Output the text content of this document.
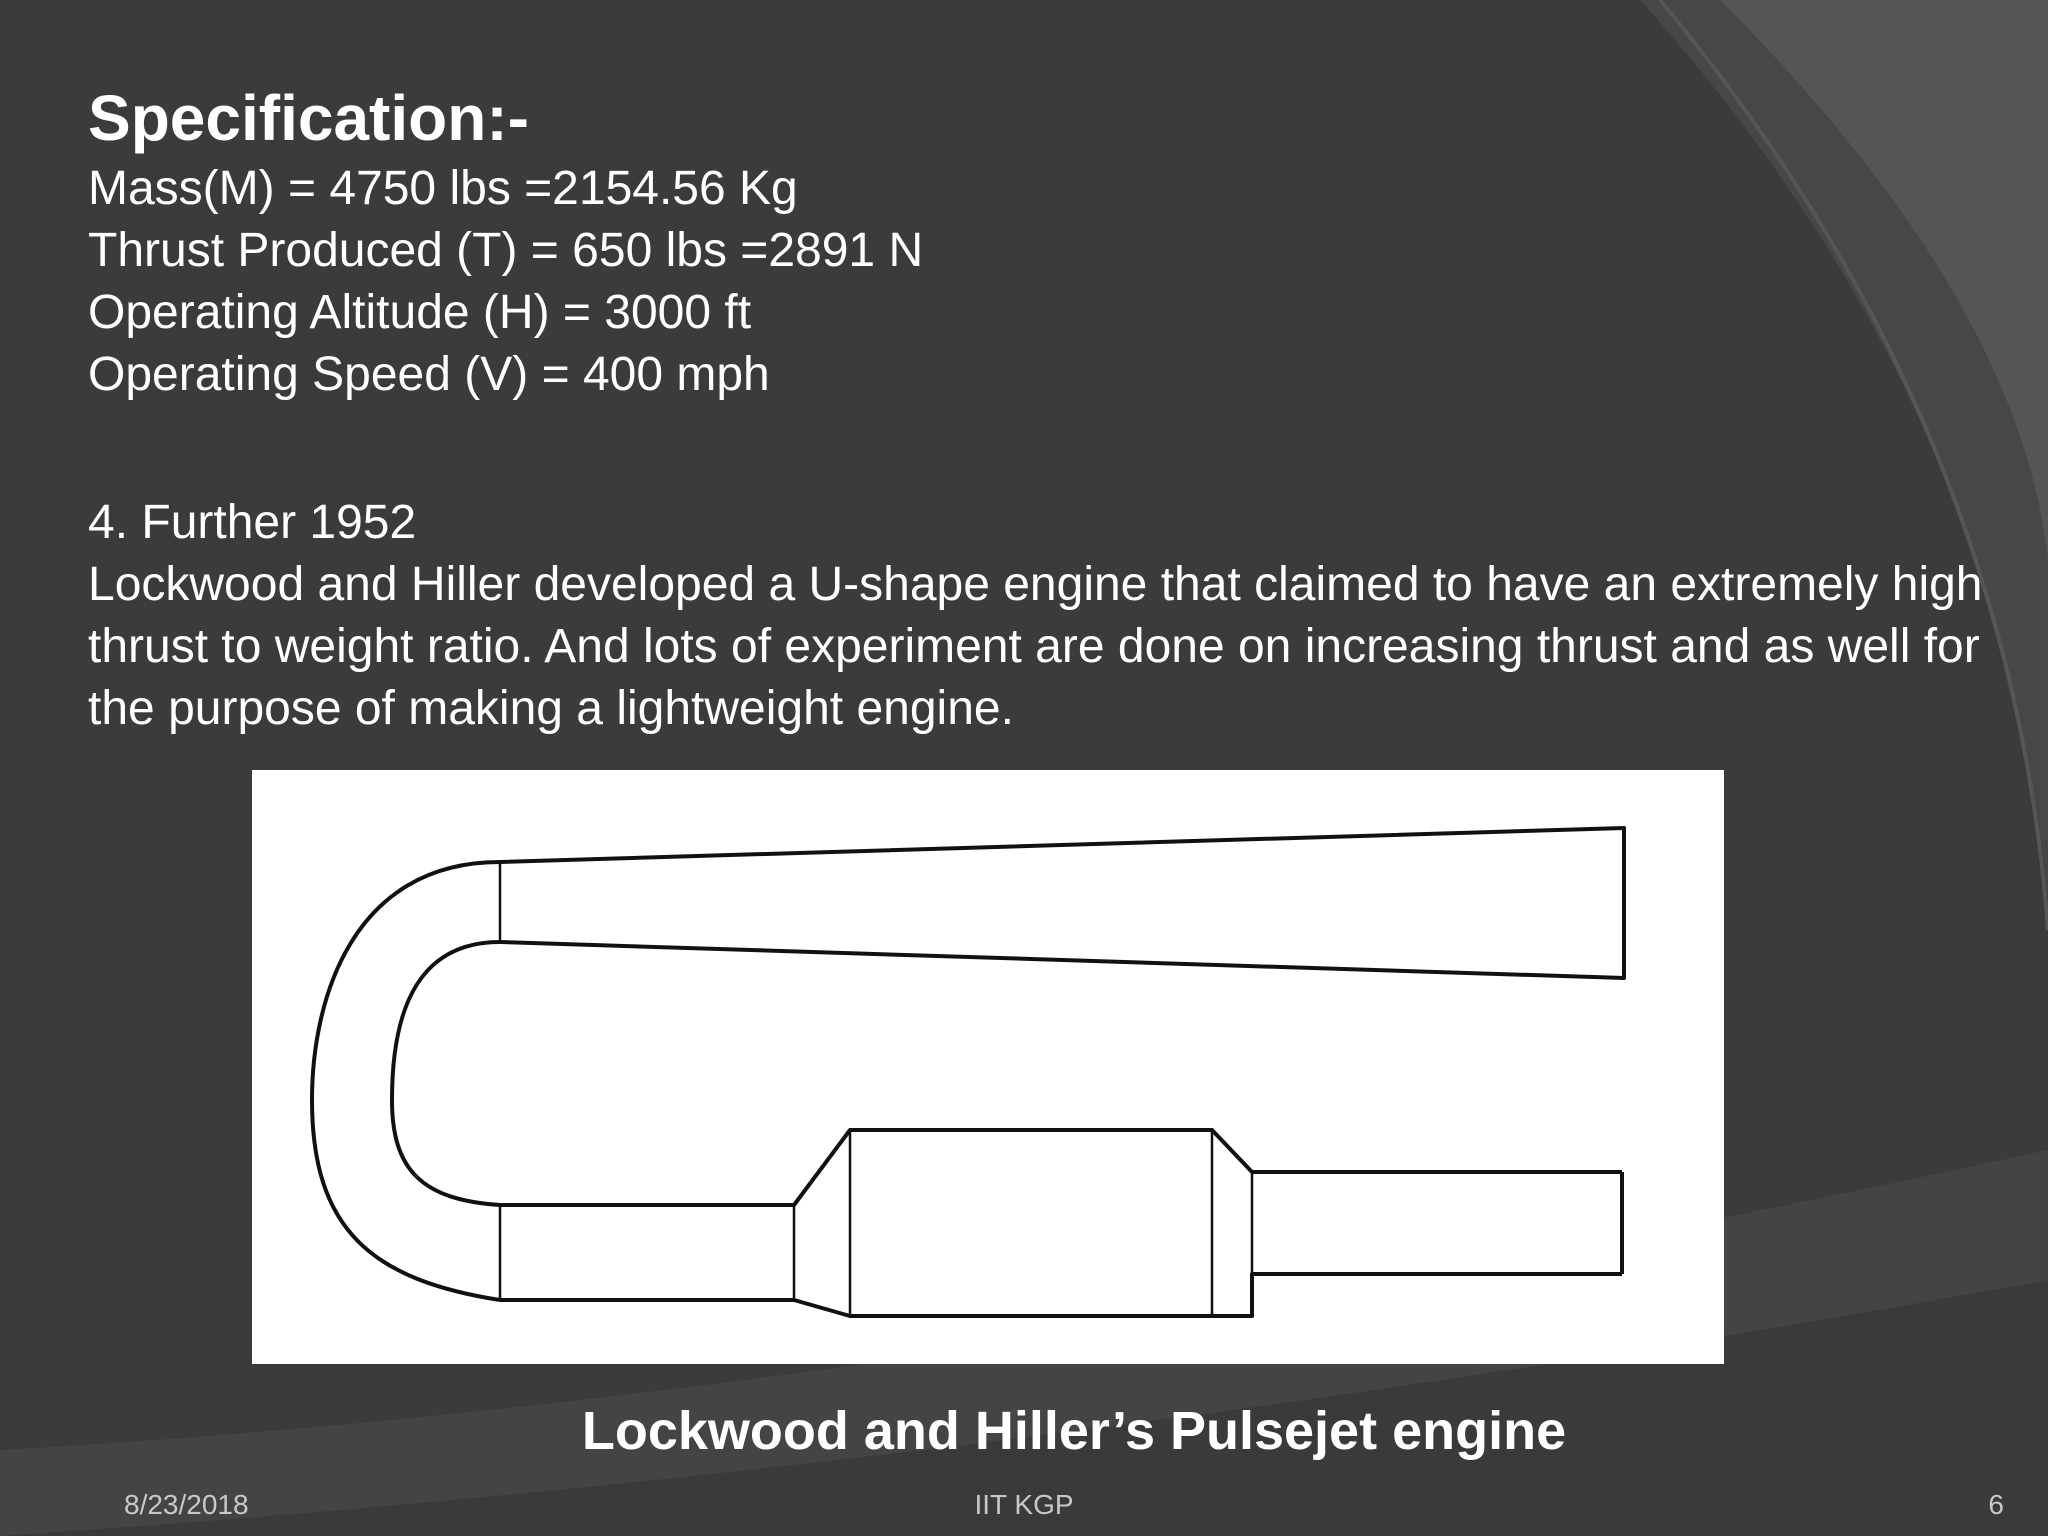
Specification:-
Mass(M) = 4750 lbs =2154.56 Kg
Thrust Produced (T) = 650 lbs =2891 N
Operating Altitude (H) = 3000 ft
Operating Speed (V) = 400 mph
4. Further 1952
Lockwood and Hiller developed a U-shape engine that claimed to have an extremely high thrust to weight ratio. And lots of experiment are done on increasing thrust and as well for the purpose of making a lightweight engine.
Lockwood and Hiller’s Pulsejet engine
8/23/2018	IIT KGP	6
